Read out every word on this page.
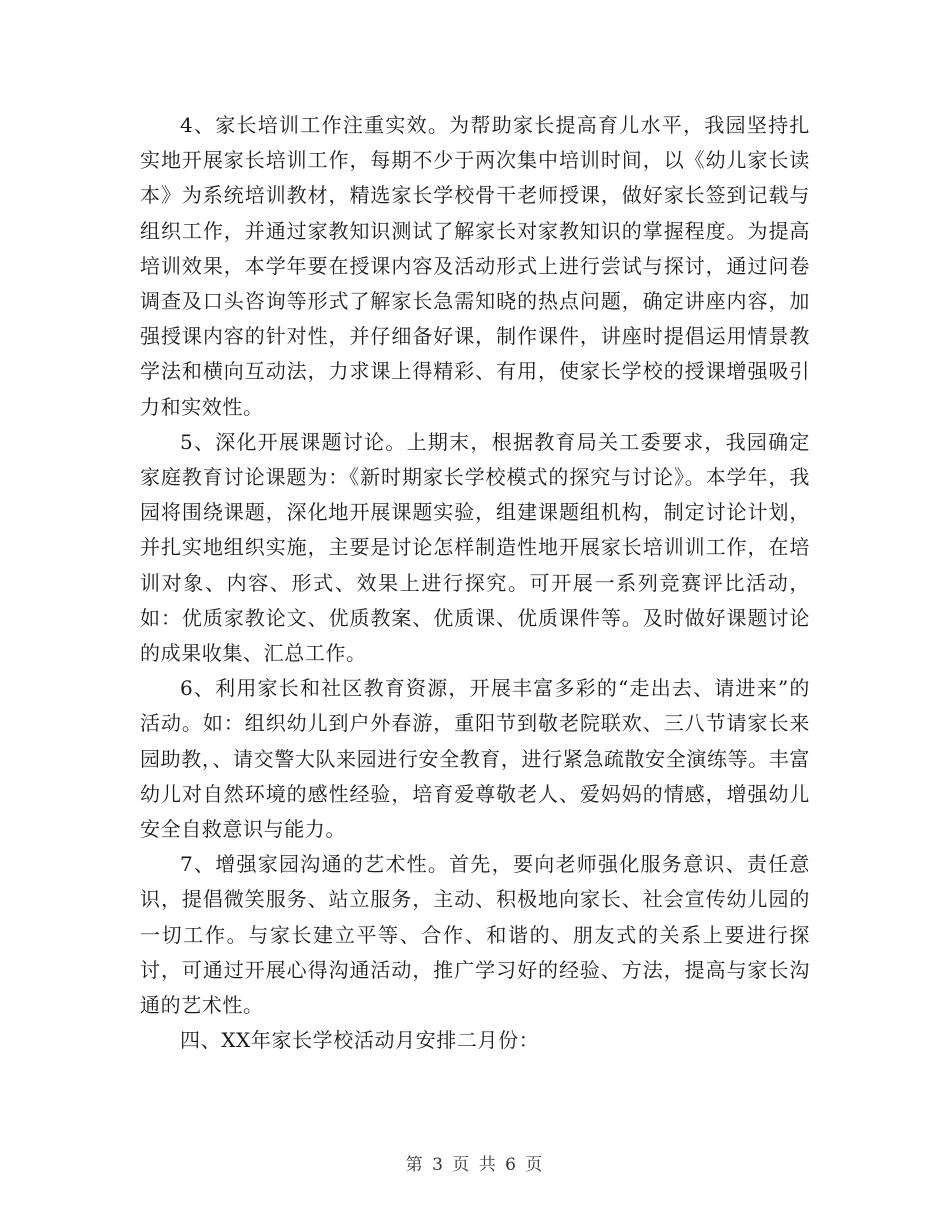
4、家长培训工作注重实效。为帮助家长提高育儿水平，我园坚持扎实地开展家长培训工作，每期不少于两次集中培训时间，以《幼儿家长读本》为系统培训教材，精选家长学校骨干老师授课，做好家长签到记载与组织工作，并通过家教知识测试了解家长对家教知识的掌握程度。为提高培训效果，本学年要在授课内容及活动形式上进行尝试与探讨，通过问卷调查及口头咨询等形式了解家长急需知晓的热点问题，确定讲座内容，加强授课内容的针对性，并仔细备好课，制作课件，讲座时提倡运用情景教学法和横向互动法，力求课上得精彩、有用，使家长学校的授课增强吸引力和实效性。

5、深化开展课题讨论。上期末，根据教育局关工委要求，我园确定家庭教育讨论课题为：《新时期家长学校模式的探究与讨论》。本学年，我园将围绕课题，深化地开展课题实验，组建课题组机构，制定讨论计划，并扎实地组织实施，主要是讨论怎样制造性地开展家长培训训工作，在培训对象、内容、形式、效果上进行探究。可开展一系列竞赛评比活动，如：优质家教论文、优质教案、优质课、优质课件等。及时做好课题讨论的成果收集、汇总工作。

6、利用家长和社区教育资源，开展丰富多彩的“走出去、请进来”的活动。如：组织幼儿到户外春游，重阳节到敬老院联欢、三八节请家长来园助教，、请交警大队来园进行安全教育，进行紧急疏散安全演练等。丰富幼儿对自然环境的感性经验，培育爱尊敬老人、爱妈妈的情感，增强幼儿安全自救意识与能力。

7、增强家园沟通的艺术性。首先，要向老师强化服务意识、责任意识，提倡微笑服务、站立服务，主动、积极地向家长、社会宣传幼儿园的一切工作。与家长建立平等、合作、和谐的、朋友式的关系上要进行探讨，可通过开展心得沟通活动，推广学习好的经验、方法，提高与家长沟通的艺术性。

四、XX年家长学校活动月安排二月份：

第 3 页 共 6 页
